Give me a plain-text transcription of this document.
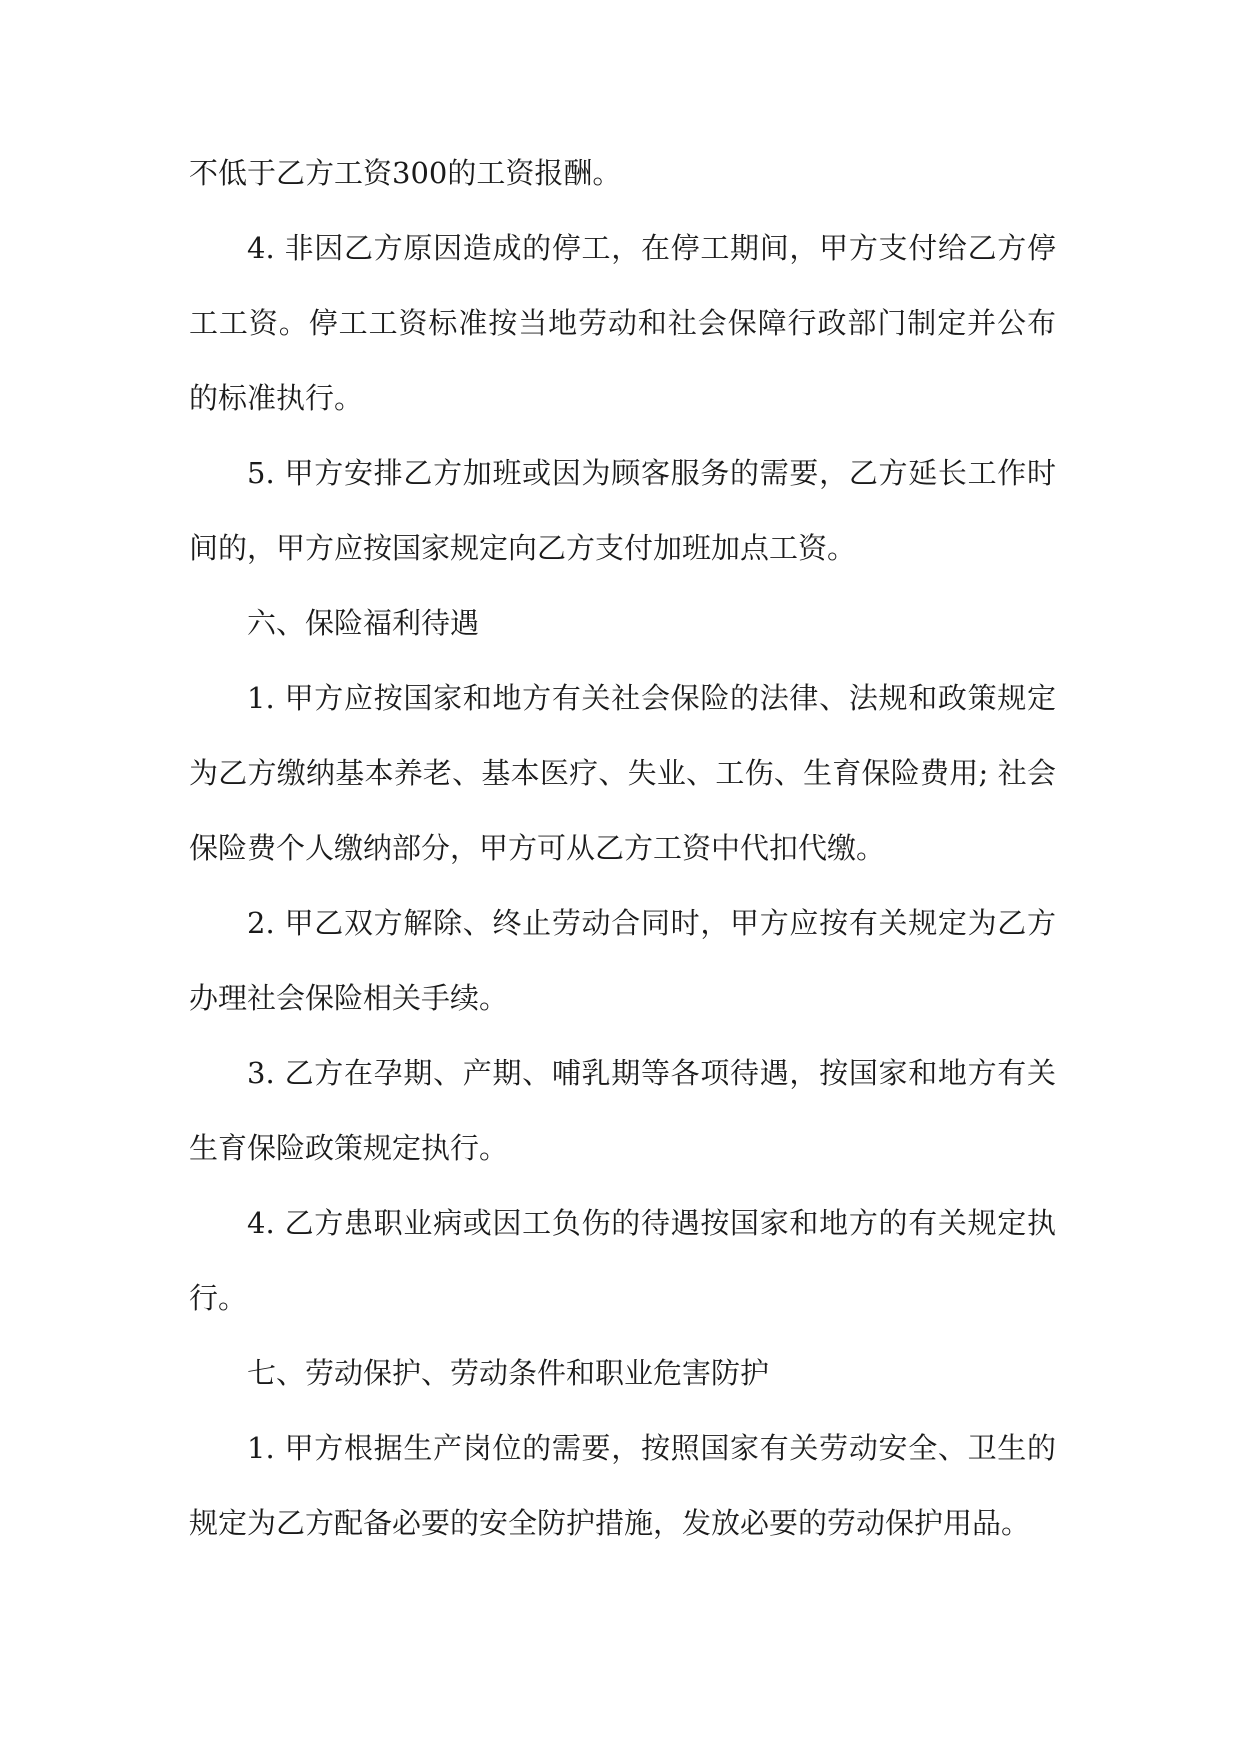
不低于乙方工资300的工资报酬。

4. 非因乙方原因造成的停工，在停工期间，甲方支付给乙方停工工资。停工工资标准按当地劳动和社会保障行政部门制定并公布的标准执行。

5. 甲方安排乙方加班或因为顾客服务的需要，乙方延长工作时间的，甲方应按国家规定向乙方支付加班加点工资。

六、保险福利待遇

1. 甲方应按国家和地方有关社会保险的法律、法规和政策规定为乙方缴纳基本养老、基本医疗、失业、工伤、生育保险费用; 社会保险费个人缴纳部分，甲方可从乙方工资中代扣代缴。

2. 甲乙双方解除、终止劳动合同时，甲方应按有关规定为乙方办理社会保险相关手续。

3. 乙方在孕期、产期、哺乳期等各项待遇，按国家和地方有关生育保险政策规定执行。

4. 乙方患职业病或因工负伤的待遇按国家和地方的有关规定执行。

七、劳动保护、劳动条件和职业危害防护

1. 甲方根据生产岗位的需要，按照国家有关劳动安全、卫生的规定为乙方配备必要的安全防护措施，发放必要的劳动保护用品。
